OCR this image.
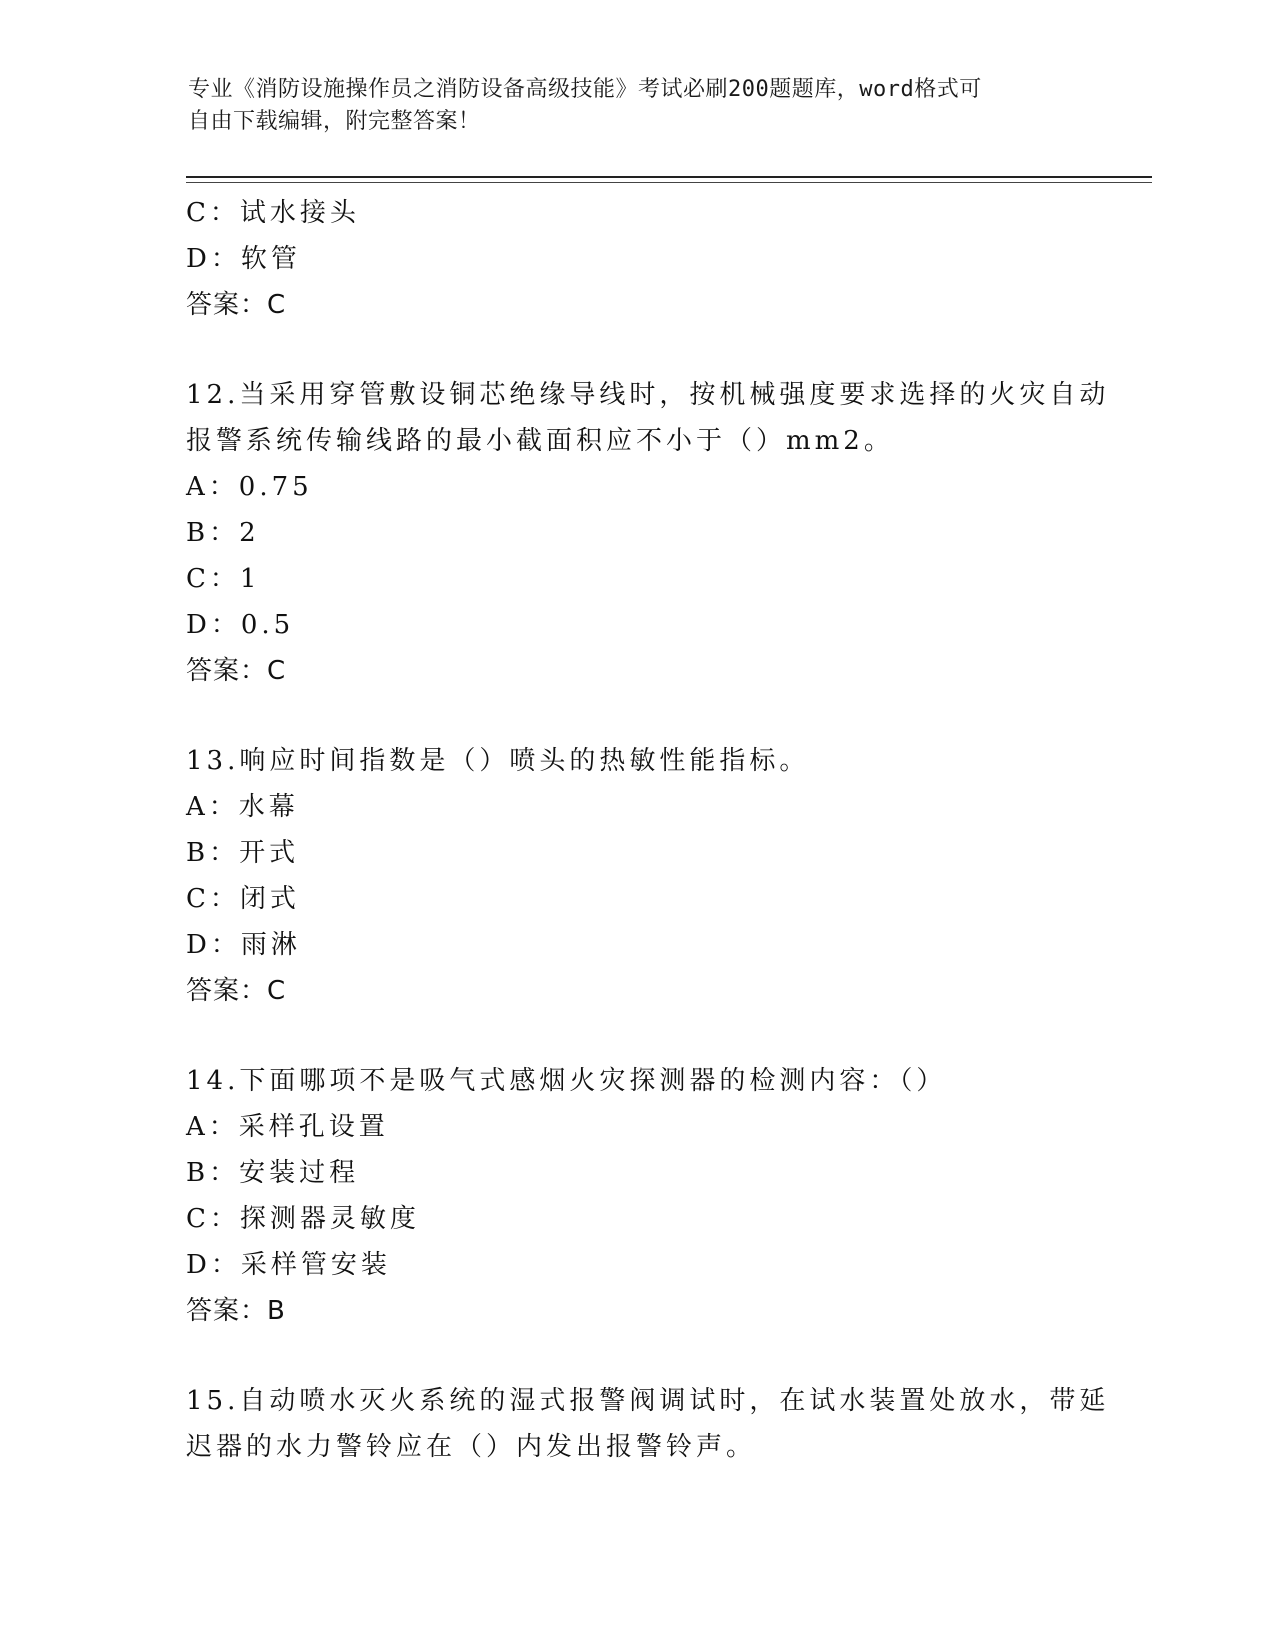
专业《消防设施操作员之消防设备高级技能》考试必刷200题题库，word格式可
自由下载编辑，附完整答案！
C：试水接头
D：软管
答案：C
12.当采用穿管敷设铜芯绝缘导线时，按机械强度要求选择的火灾自动
报警系统传输线路的最小截面积应不小于（）mm2。
A：0.75
B：2
C：1
D：0.5
答案：C
13.响应时间指数是（）喷头的热敏性能指标。
A：水幕
B：开式
C：闭式
D：雨淋
答案：C
14.下面哪项不是吸气式感烟火灾探测器的检测内容：（）
A：采样孔设置
B：安装过程
C：探测器灵敏度
D：采样管安装
答案：B
15.自动喷水灭火系统的湿式报警阀调试时，在试水装置处放水，带延
迟器的水力警铃应在（）内发出报警铃声。
